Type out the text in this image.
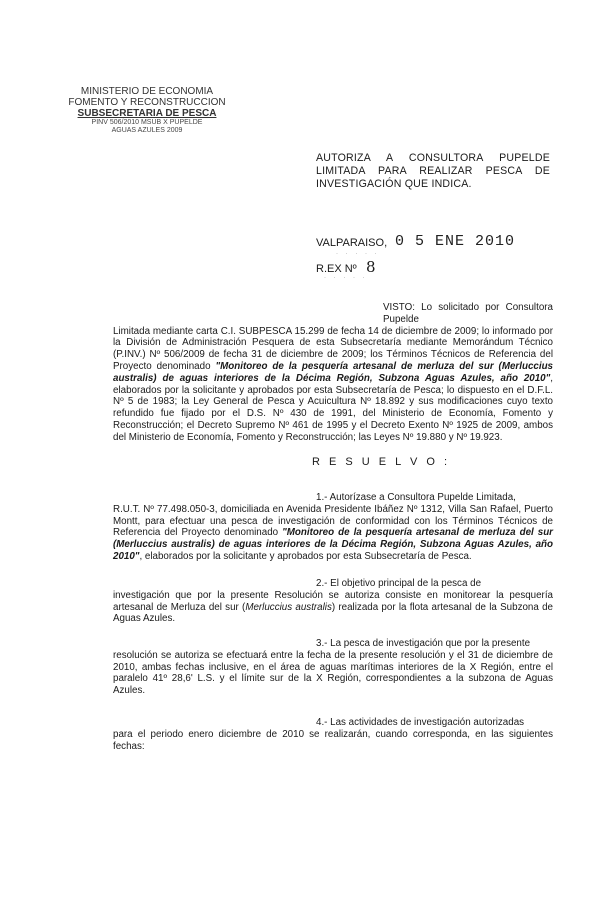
MINISTERIO DE ECONOMIA
FOMENTO Y RECONSTRUCCION
SUBSECRETARIA DE PESCA
PINV 506/2010 MSUB X PUPELDE
AGUAS AZULES 2009
AUTORIZA A CONSULTORA PUPELDE LIMITADA PARA REALIZAR PESCA DE INVESTIGACIÓN QUE INDICA.
VALPARAISO, 0 5 ENE 2010
· · · · ·
R.EX Nº 8
· · · · ·
VISTO: Lo solicitado por Consultora Pupelde
Limitada mediante carta C.I. SUBPESCA 15.299 de fecha 14 de diciembre de 2009; lo informado por la División de Administración Pesquera de esta Subsecretaría mediante Memorándum Técnico (P.INV.) Nº 506/2009 de fecha 31 de diciembre de 2009; los Términos Técnicos de Referencia del Proyecto denominado "Monitoreo de la pesquería artesanal de merluza del sur (Merluccius australis) de aguas interiores de la Décima Región, Subzona Aguas Azules, año 2010", elaborados por la solicitante y aprobados por esta Subsecretaría de Pesca; lo dispuesto en el D.F.L. Nº 5 de 1983; la Ley General de Pesca y Acuicultura Nº 18.892 y sus modificaciones cuyo texto refundido fue fijado por el D.S. Nº 430 de 1991, del Ministerio de Economía, Fomento y Reconstrucción; el Decreto Supremo Nº 461 de 1995 y el Decreto Exento Nº 1925 de 2009, ambos del Ministerio de Economía, Fomento y Reconstrucción; las Leyes Nº 19.880 y Nº 19.923.
R E S U E L V O :
1.- Autorízase a Consultora Pupelde Limitada,
R.U.T. Nº 77.498.050-3, domiciliada en Avenida Presidente Ibáñez Nº 1312, Villa San Rafael, Puerto Montt, para efectuar una pesca de investigación de conformidad con los Términos Técnicos de Referencia del Proyecto denominado "Monitoreo de la pesquería artesanal de merluza del sur (Merluccius australis) de aguas interiores de la Décima Región, Subzona Aguas Azules, año 2010", elaborados por la solicitante y aprobados por esta Subsecretaría de Pesca.
2.- El objetivo principal de la pesca de
investigación que por la presente Resolución se autoriza consiste en monitorear la pesquería artesanal de Merluza del sur (Merluccius australis) realizada por la flota artesanal de la Subzona de Aguas Azules.
3.- La pesca de investigación que por la presente
resolución se autoriza se efectuará entre la fecha de la presente resolución y el 31 de diciembre de 2010, ambas fechas inclusive, en el área de aguas marítimas interiores de la X Región, entre el paralelo 41º 28,6' L.S. y el límite sur de la X Región, correspondientes a la subzona de Aguas Azules.
4.- Las actividades de investigación autorizadas
para el periodo enero diciembre de 2010 se realizarán, cuando corresponda, en las siguientes fechas:
